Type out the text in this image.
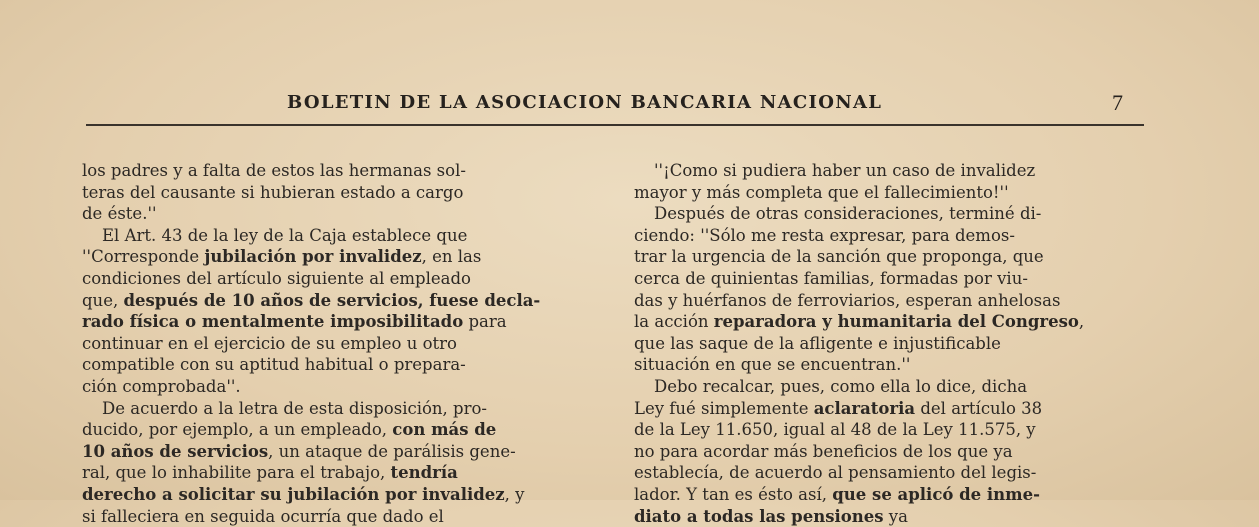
BOLETIN DE LA ASOCIACION BANCARIA NACIONAL	7
los padres y a falta de estos las hermanas sol-
teras del causante si hubieran estado a cargo
de éste.''
El Art. 43 de la ley de la Caja establece que
''Corresponde jubilación por invalidez, en las
condiciones del artículo siguiente al empleado
que, después de 10 años de servicios, fuese decla-
rado física o mentalmente imposibilitado para
continuar en el ejercicio de su empleo u otro
compatible con su aptitud habitual o prepara-
ción comprobada''.
De acuerdo a la letra de esta disposición, pro-
ducido, por ejemplo, a un empleado, con más de
10 años de servicios, un ataque de parálisis gene-
ral, que lo inhabilite para el trabajo, tendría
derecho a solicitar su jubilación por invalidez, y
si falleciera en seguida ocurría que dado el
''¡Como si pudiera haber un caso de invalidez
mayor y más completa que el fallecimiento!''
Después de otras consideraciones, terminé di-
ciendo: ''Sólo me resta expresar, para demos-
trar la urgencia de la sanción que proponga, que
cerca de quinientas familias, formadas por viu-
das y huérfanos de ferroviarios, esperan anhelosas
la acción reparadora y humanitaria del Congreso,
que las saque de la afligente e injustificable
situación en que se encuentran.''
Debo recalcar, pues, como ella lo dice, dicha
Ley fué simplemente aclaratoria del artículo 38
de la Ley 11.650, igual al 48 de la Ley 11.575, y
no para acordar más beneficios de los que ya
establecía, de acuerdo al pensamiento del legis-
lador. Y tan es ésto así, que se aplicó de inme-
diato a todas las pensiones ya
